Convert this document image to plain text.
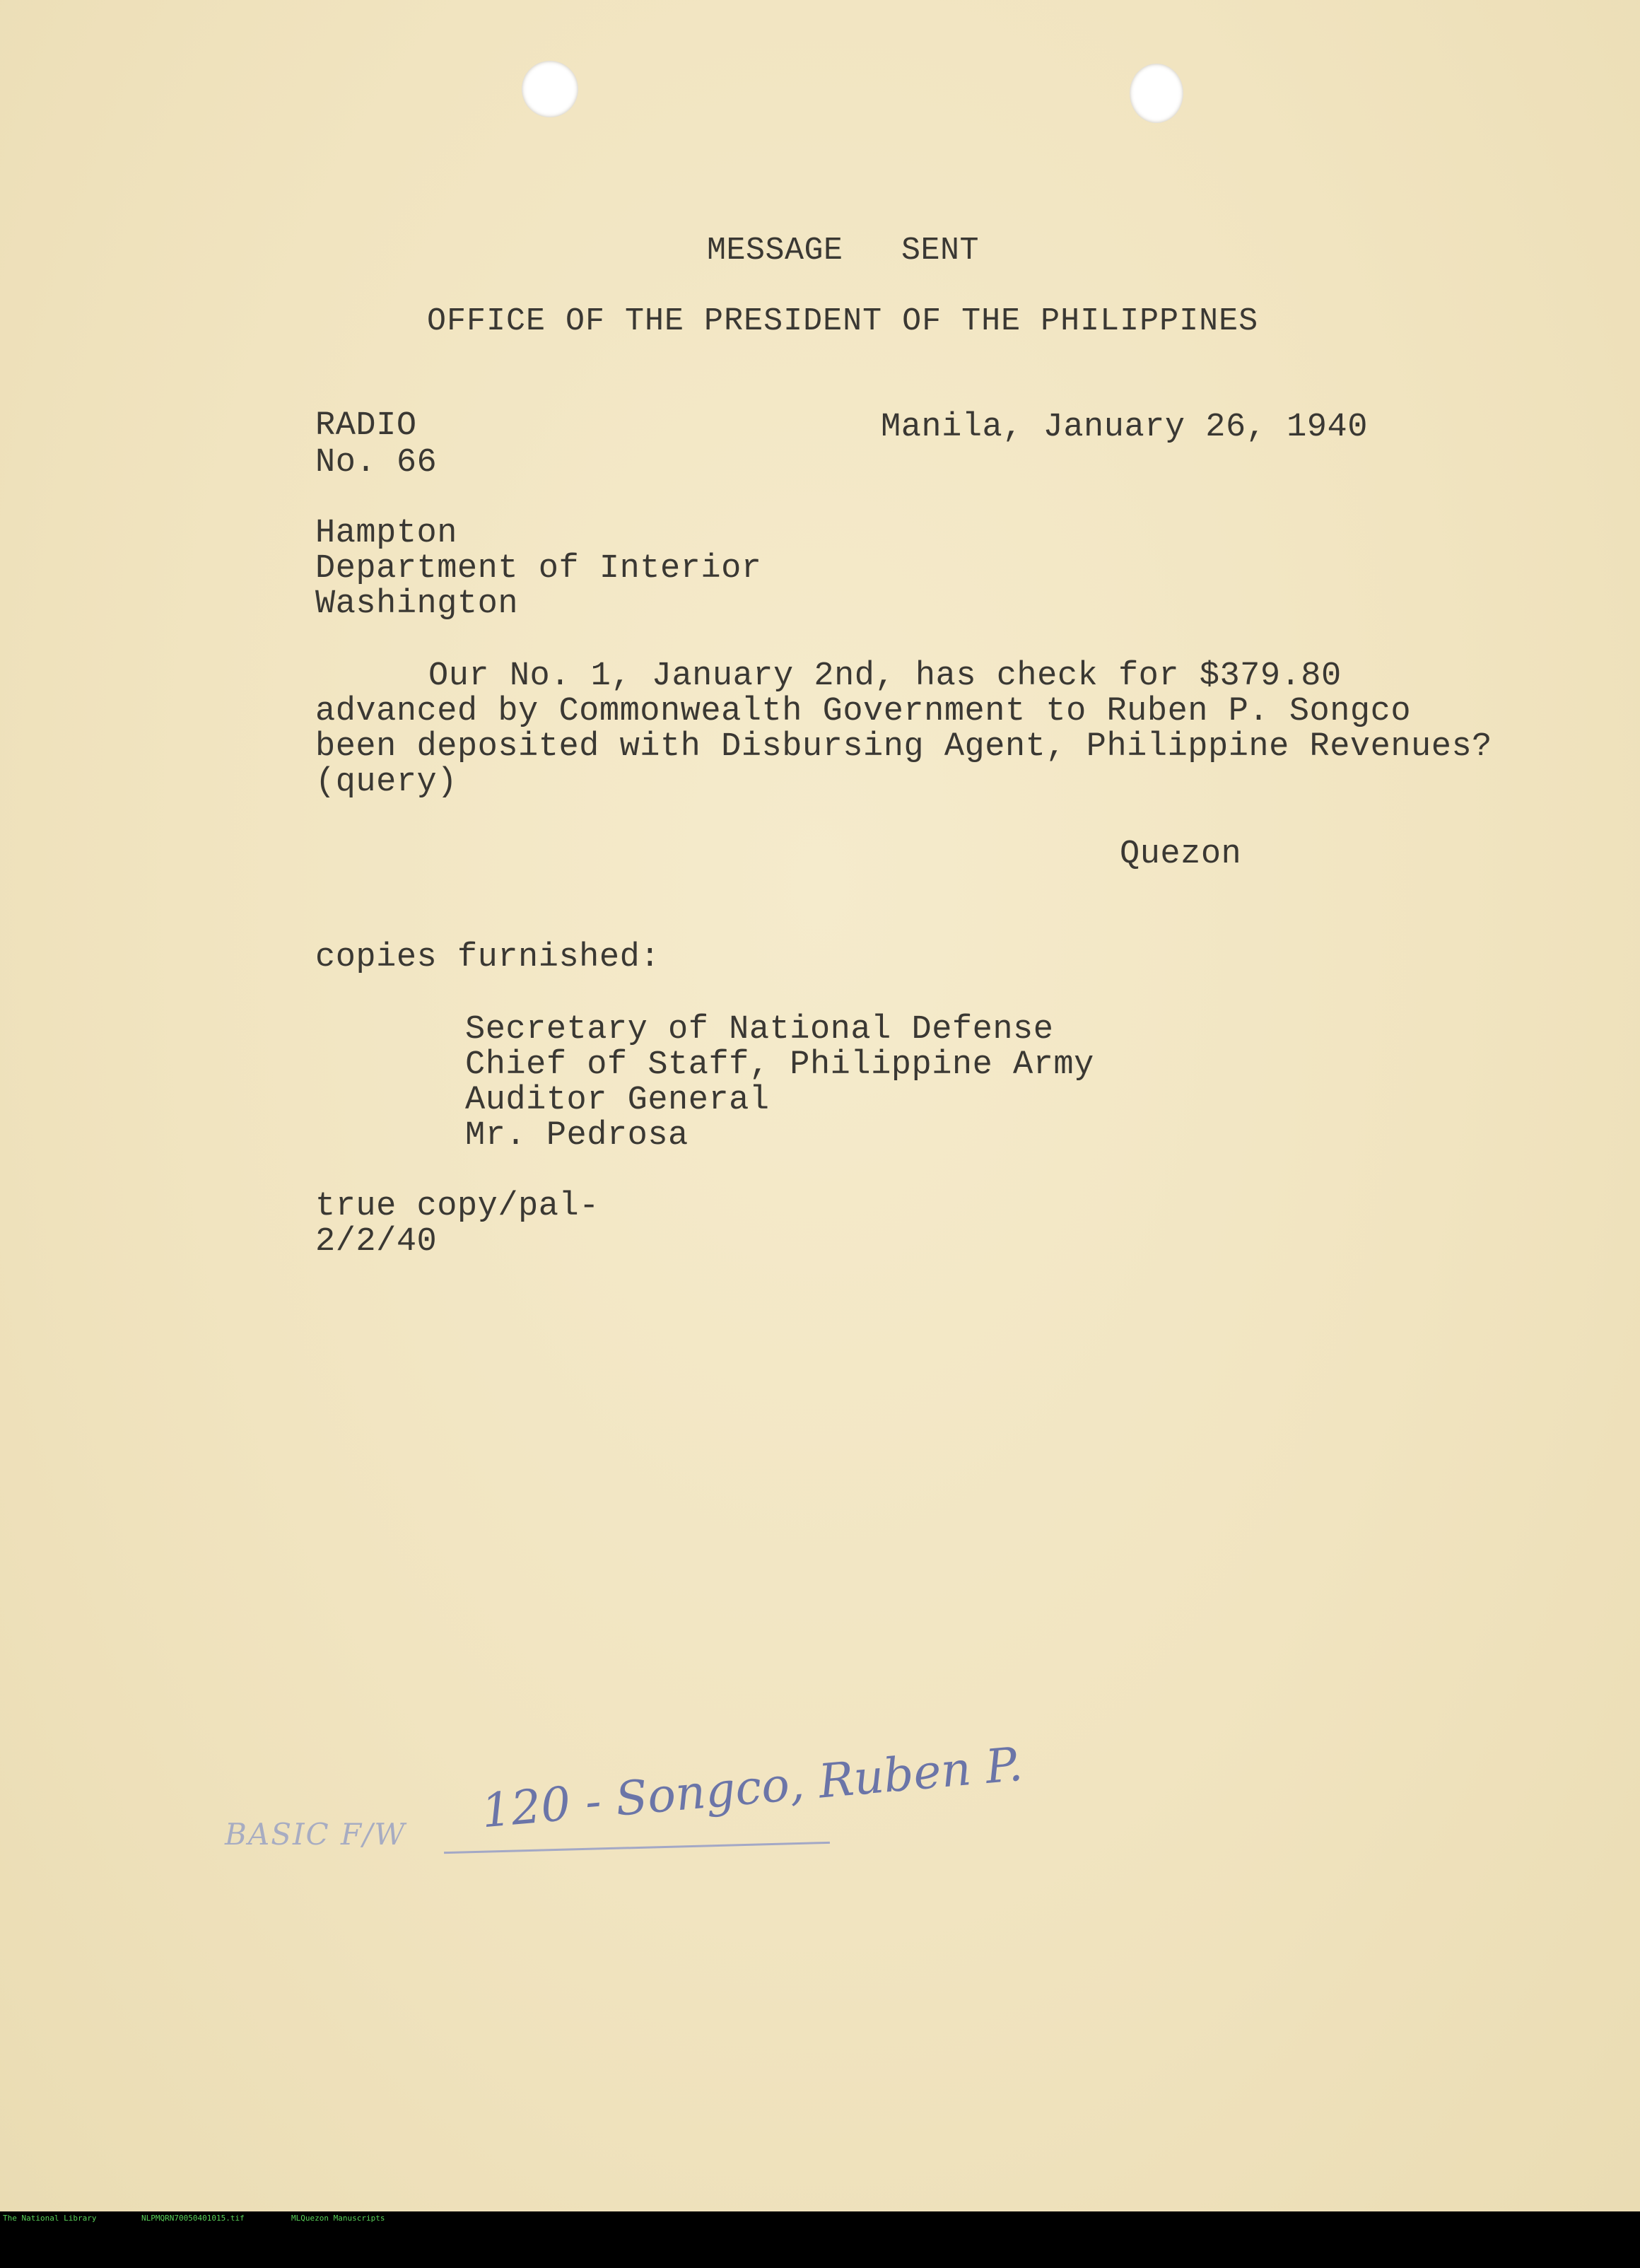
MESSAGE   SENT
OFFICE OF THE PRESIDENT OF THE PHILIPPINES
RADIO
No. 66
Manila, January 26, 1940
Hampton
Department of Interior
Washington
Our No. 1, January 2nd, has check for $379.80
advanced by Commonwealth Government to Ruben P. Songco
been deposited with Disbursing Agent, Philippine Revenues?
(query)
Quezon
copies furnished:
Secretary of National Defense
Chief of Staff, Philippine Army
Auditor General
Mr. Pedrosa
true copy/pal-
2/2/40
BASIC F/W 120 - Songco, Ruben P.

The National Library

	NLPMQRN70050401015.tif

	MLQuezon Manuscripts
